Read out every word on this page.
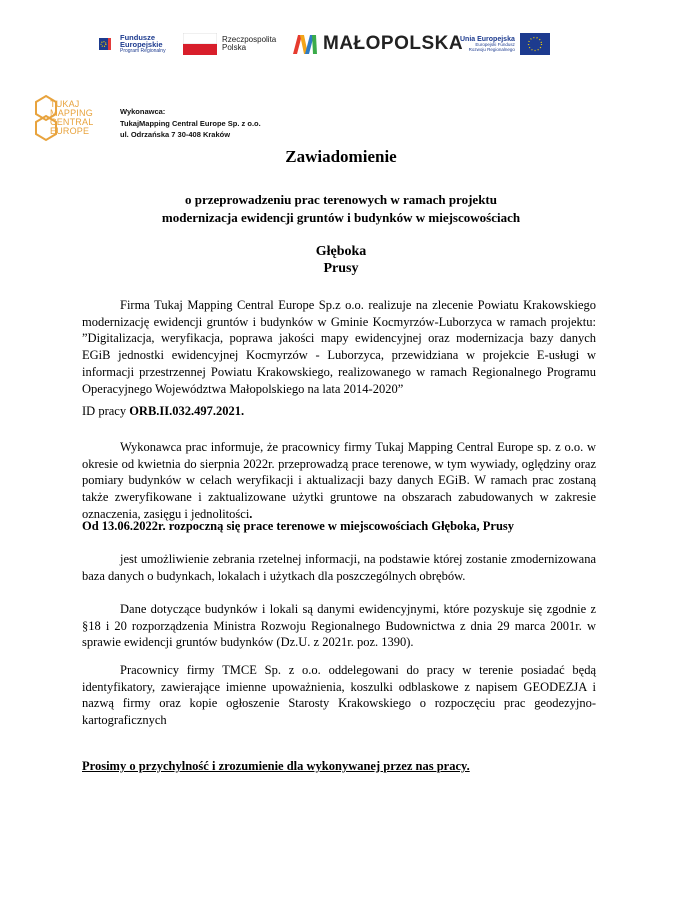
Fundusze
Europejskie
Program Regionalny
Rzeczpospolita
Polska	MAŁOPOLSKA
Unia Europejska
Europejski Fundusz
Rozwoju Regionalnego
TUKAJ
MAPPING
CENTRAL
EUROPE
Wykonawca:
TukajMapping Central Europe Sp. z o.o.
ul. Odrzańska 7 30-408 Kraków
Zawiadomienie
o przeprowadzeniu prac terenowych w ramach projektu
modernizacja ewidencji gruntów i budynków w miejscowościach
Głęboka
Prusy

Firma Tukaj Mapping Central Europe Sp.z o.o. realizuje na zlecenie Powiatu Krakowskiego modernizację ewidencji gruntów i budynków w Gminie Kocmyrzów-Luborzyca w ramach projektu: ”Digitalizacja, weryfikacja, poprawa jakości mapy ewidencyjnej oraz modernizacja bazy danych EGiB jednostki ewidencyjnej Kocmyrzów - Luborzyca, przewidziana w projekcie E-usługi w informacji przestrzennej Powiatu Krakowskiego, realizowanego w ramach Regionalnego Programu Operacyjnego Województwa Małopolskiego na lata 2014-2020”

ID pracy ORB.II.032.497.2021.

Wykonawca prac informuje, że pracownicy firmy Tukaj Mapping Central Europe sp. z o.o. w okresie od kwietnia do sierpnia 2022r. przeprowadzą prace terenowe, w tym wywiady, oględziny oraz pomiary budynków w celach weryfikacji i aktualizacji bazy danych EGiB. W ramach prac zostaną także zweryfikowane i zaktualizowane użytki gruntowe na obszarach zabudowanych w zakresie oznaczenia, zasięgu i jednolitości.

Od 13.06.2022r. rozpoczną się prace terenowe w miejscowościach Głęboka, Prusy

jest umożliwienie zebrania rzetelnej informacji, na podstawie której zostanie zmodernizowana baza danych o budynkach, lokalach i użytkach dla poszczególnych obrębów.

Dane dotyczące budynków i lokali są danymi ewidencyjnymi, które pozyskuje się zgodnie z §18 i 20 rozporządzenia Ministra Rozwoju Regionalnego Budownictwa z dnia 29 marca 2001r. w sprawie ewidencji gruntów budynków (Dz.U. z 2021r. poz. 1390).

Pracownicy firmy TMCE Sp. z o.o. oddelegowani do pracy w terenie posiadać będą identyfikatory, zawierające imienne upoważnienia, koszulki odblaskowe z napisem GEODEZJA i nazwą firmy oraz kopie ogłoszenie Starosty Krakowskiego o rozpoczęciu prac geodezyjno-kartograficznych

Prosimy o przychylność i zrozumienie dla wykonywanej przez nas pracy.
